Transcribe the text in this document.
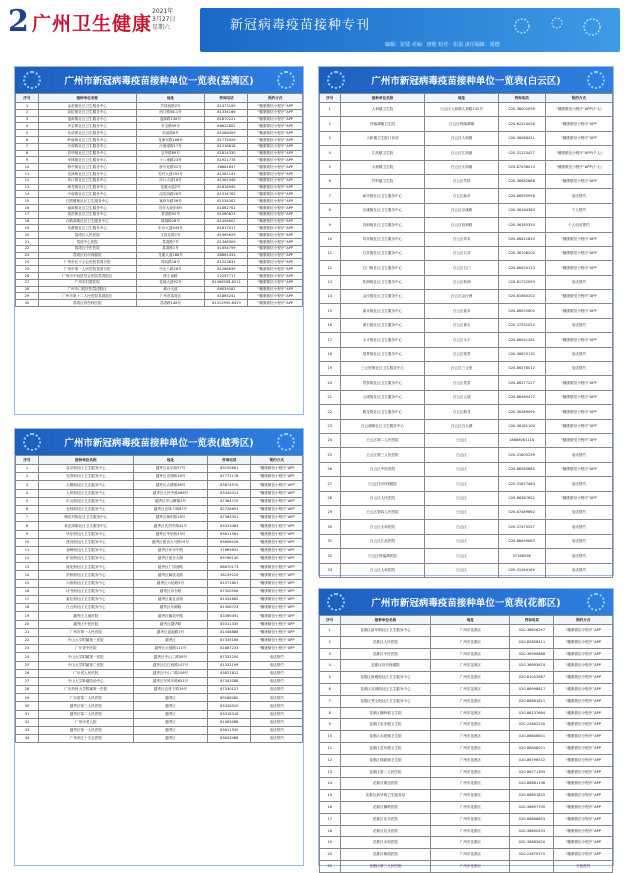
2 广州卫生健康
2021年
3月27日
星期六	新冠病毒疫苗接种专刊
编辑：张镭 美编：唐维 校对：张盈 责任编辑：梁德
广州市新冠病毒疫苗接种单位一览表(荔湾区)
序号	接种单位名称	地址	咨询电话	预约方式
1	金花街社区卫生服务中心	芦荻西路2号	81373190	“穗康微信小程序”APP
2	彩虹街社区卫生服务中心	西门路58-1号	81334166	“穗康微信小程序”APP
3	逢源街社区卫生服务中心	逢源路158号	81870221	“穗康微信小程序”APP
4	多宝街社区卫生服务中心	多宝路59号	86622802	“穗康微信小程序”APP
5	站前街社区卫生服务中心	站前路8号	81068459	“穗康微信小程序”APP
6	岭南街社区卫生服务中心	龙津东路168号	81775929	“穗康微信小程序”APP
7	沙面街社区卫生服务中心	沙面南街17号	81218618	“穗康微信小程序”APP
8	昌华街社区卫生服务中心	宝华路89号	81814330	“穗康微信小程序”APP
9	华林街社区卫生服务中心	十八甫路23号	81921778	“穗康微信小程序”APP
10	桥中街社区卫生服务中心	桥中北路52号	36681847	“穗康微信小程序”APP
11	龙津街社区卫生服务中心	芳村大道302号	81581141	“穗康微信小程序”APP
12	冲口街社区卫生服务中心	冲口大道18号	81561548	“穗康微信小程序”APP
13	海龙街社区卫生服务中心	龙溪大道2号	81818945	“穗康微信小程序”APP
14	中南街社区卫生服务中心	浣花西路28号	81514762	“穗康微信小程序”APP
15	石围塘街社区卫生服务中心	塞坝东路36号	81534302	“穗康微信小程序”APP
16	南源街社区卫生服务中心	芳村大道东8号	81862702	“穗康微信小程序”APP
17	茶滘街社区卫生服务中心	茶滘路92号	81060823	“穗康微信小程序”APP
18	白鹤洞街社区卫生服务中心	鹤洞路28号	81406602	“穗康微信小程序”APP
19	东漖街社区卫生服务中心	东沙大道345号	81817017	“穗康微信小程序”APP
20	荔湾区人民医院	文昌北路1号	81965629	“穗康微信小程序”APP
21	荔湾中心医院	荔湾路7号	81348309	“穗康微信小程序”APP
22	荔湾区中医医院	荔湾路1号	81654759	“穗康微信小程序”APP
23	荔湾区妇幼保健院	龙溪大道288号	88861433	“穗康微信小程序”APP
24	广州市红十字会医院荔湾分院	珠玑路18号	81223631	“穗康微信小程序”APP
25	广州市第一人民医院荔湾分院	中山八路28号	81266839	“穗康微信小程序”APP
26	广州市中西医结合医院荔湾院区	康王南路	22297717	“穗康微信小程序”APP
27	广州市妇婴医院	花地大道92号	81496598-8211	“穗康微信小程序”APP
28	广州市口腔医院荔湾院区	黄沙大道	86039181	“穗康微信小程序”APP
29	广州市第十二人民医院荔湾院区	广州市荔湾区	81865241	“穗康微信小程序”APP
30	荔湾区骨伤科医院	荔湾路148号	81312990-8329	“穗康微信小程序”APP
广州市新冠病毒疫苗接种单位一览表(越秀区)
序号	接种单位名称	地址	咨询电话	预约方式
1	北京街社区卫生服务中心	越秀区北京路57号	83190661	“穗康微信小程序”APP
2	光塔街社区卫生服务中心	越秀区光塔路16号	87772178	“穗康微信小程序”APP
3	大塘街社区卫生服务中心	越秀区大塘街38号	83873570	“穗康微信小程序”APP
4	人民街社区卫生服务中心	越秀区人民中路486号	83340313	“穗康微信小程序”APP
5	东山街社区卫生服务中心	越秀区东山横街2号	87364719	“穗康微信小程序”APP
6	农林街社区卫生服务中心	越秀区农林下路87号	82728693	“穗康微信小程序”APP
7	梅花村街社区卫生服务中心	越秀区梅东路18号	87363351	“穗康微信小程序”APP
8	黄花岗街社区卫生服务中心	越秀区先烈中路42号	83323483	“穗康微信小程序”APP
9	华乐街社区卫生服务中心	越秀区华乐路33号	83611561	“穗康微信小程序”APP
10	建设街社区卫生服务中心	越秀区建设大马路19号	83606028	“穗康微信小程序”APP
11	登峰街社区卫生服务中心	越秀区环市中路	37689652	“穗康微信小程序”APP
12	矿泉街社区卫生服务中心	越秀区瑶台大街	83766130	“穗康微信小程序”APP
13	流花街社区卫生服务中心	越秀区广园西路	86670173	“穗康微信小程序”APP
14	洪桥街社区卫生服务中心	越秀区解放北路	36239220	“穗康微信小程序”APP
15	六榕街社区卫生服务中心	越秀区六榕路5号	81071807	“穗康微信小程序”APP
16	诗书街社区卫生服务中心	越秀区诗书路	87320506	“穗康微信小程序”APP
17	素社街社区卫生服务中心	越秀区素社直街	81324682	“穗康微信小程序”APP
18	白云街社区卫生服务中心	越秀区东湖路	81306723	“穗康微信小程序”APP
19	越秀区儿童医院	越秀区解放中路	83369491	“穗康微信小程序”APP
20	越秀区中医医院	越秀区越华路	83311335	“穗康微信小程序”APP
21	广州市第一人民医院	越秀区盘福路1号	81048888	“穗康微信小程序”APP
22	中山大学附属第三医院	越秀区	87335166	“穗康微信小程序”APP
23	广东省中医院	越秀区大德路111号	81887233	“穗康微信小程序”APP
24	中山大学附属第一医院	越秀区中山二路58号	87332200	电话预约
25	中山大学附属第二医院	越秀区沿江西路107号	81332199	电话预约
26	广东省人民医院	越秀区中山二路106号	83827812	电话预约
27	中山大学肿瘤防治中心	越秀区东风东路651号	87343088	电话预约
28	广东药科大学附属第一医院	越秀区农林下路19号	87330127	电话预约
29	广东省第二人民医院	越秀区	89168080	电话预约
30	越秀区第三人民医院	越秀区	83328010	电话预约
31	越秀区第二人民医院	越秀区	83318316	电话预约
32	广州市老人院	越秀区	81083088	电话预约
33	越秀区第一人民医院	越秀区	83611530	电话预约
34	广州市红十字会医院	越秀区	83643488	电话预约
广州市新冠病毒疫苗接种单位一览表(白云区)
序号	接种单位名称	地址	咨询电话	预约方式
1	人和镇卫生院	白云区人和镇人和路132号	020-36002099	“穗康微信小程序”APP(个人)
2	钟落潭镇卫生院	白云区钟落潭镇	020-62224426	“穗康微信小程序”APP
3	人和镇卫生院门诊部	白云区人和镇	020-36088421	“穗康微信小程序”APP
4	江高镇卫生院	白云区江高镇	020-31223427	“穗康微信小程序”APP(个人)
5	太和镇卫生院	白云区太和镇	020-87438010	“穗康微信小程序”APP(个人)
6	竹料镇卫生院	白云区竹料	020-36982868	“穗康微信小程序”APP
7	新市街社区卫生服务中心	白云区新市	020-86595958	电话预约
8	京溪街社区卫生服务中心	白云区京溪路	020-36164363	个人预约
9	同和街社区卫生服务中心	白云区同和路	020-36165350	个人电话预约
10	均禾街社区卫生服务中心	白云区均禾	020-86421820	“穗康微信小程序”APP
11	石井街社区卫生服务中心	白云区石井	020-36708200	“穗康微信小程序”APP
12	石门街社区卫生服务中心	白云区石门	020-86420123	“穗康微信小程序”APP
13	松洲街社区卫生服务中心	白云区松洲	020-81732093	电话预约
14	金沙街社区卫生服务中心	白云区金沙洲	020-81660202	“穗康微信小程序”APP
15	嘉禾街社区卫生服务中心	白云区嘉禾	020-86052600	“穗康微信小程序”APP
16	黄石街社区卫生服务中心	白云区黄石	020-37331022	电话预约
17	永平街社区卫生服务中心	白云区永平	020-86041281	“穗康微信小程序”APP
18	棠景街社区卫生服务中心	白云区棠景	020-36670132	电话预约
19	三元里街社区卫生服务中心	白云区三元里	020-86378012	电话预约
20	景泰街社区卫生服务中心	白云区景泰	020-86377227	“穗康微信小程序”APP
21	云城街社区卫生服务中心	白云区云城	020-86369472	“穗康微信小程序”APP
22	鹤龙街社区卫生服务中心	白云区鹤龙	020-36389090	“穗康微信小程序”APP
23	白云湖街社区卫生服务中心	白云区白云湖	020-36181100	“穗康微信小程序”APP
24	白云区第二人民医院	白云区	18688061118	“穗康微信小程序”APP
25	白云区第三人民医院	白云区	020-31605299	电话预约
26	白云区中医医院	白云区	020-86365680	“穗康微信小程序”APP
27	白云区妇幼保健院	白云区	020-31877463	电话预约
28	白云区人民医院	白云区	020-86387622	“穗康微信小程序”APP
29	白云区第四人民医院	白云区	020-87489662	电话预约
30	白云区太和医院	白云区	020-37473257	电话预约
31	白云区江高医院	白云区	020-86459063	电话预约
32	白云区钟落潭医院	白云区	37168596	电话预约
33	白云区人和医院	白云区	020-31264189	电话预约
广州市新冠病毒疫苗接种单位一览表(花都区)
序号	接种单位名称	地址	咨询电话	预约方式
1	花都区新华街社区卫生服务中心	广州市花都区	020-36826297	“穗康微信小程序”APP
2	花都区人民医院	广州市花都区	020-62856411	“穗康微信小程序”APP
3	花都区中医医院	广州市花都区	020-36990888	“穗康微信小程序”APP
4	花都区妇幼保健院	广州市花都区	020-36893674	“穗康微信小程序”APP
5	花都区新雅街社区卫生服务中心	广州市花都区	020-81053987	“穗康微信小程序”APP
6	花都区花城街社区卫生服务中心	广州市花都区	020-86998817	“穗康微信小程序”APP
7	花都区秀全街社区卫生服务中心	广州市花都区	020-86861811	“穗康微信小程序”APP
8	花都区狮岭镇卫生院	广州市花都区	020-86137684	“穗康微信小程序”APP
9	花都区炭步镇卫生院	广州市花都区	020-22862230	“穗康微信小程序”APP
10	花都区赤坭镇卫生院	广州市花都区	020-86848601	“穗康微信小程序”APP
11	花都区花东镇卫生院	广州市花都区	020-86848021	“穗康微信小程序”APP
12	花都区梯面镇卫生院	广州市花都区	020-86796532	“穗康微信小程序”APP
13	花都区第二人民医院	广州市花都区	020-86771394	“穗康微信小程序”APP
14	花都区胡忠医院	广州市花都区	020-86881136	“穗康微信小程序”APP
15	花都区新华街卫生服务站	广州市花都区	020-86891825	“穗康微信小程序”APP
16	花都区狮岭医院	广州市花都区	020-36897700	“穗康微信小程序”APP
17	花都区花东医院	广州市花都区	020-86868893	“穗康微信小程序”APP
18	花都区炭步医院	广州市花都区	020-36800433	“穗康微信小程序”APP
19	花都区赤坭医院	广州市花都区	020-36883620	“穗康微信小程序”APP
20	花都区梯面医院	广州市花都区	020-22879370	“穗康微信小程序”APP
21	花都区第三人民医院	广州市花都区		开放预约
